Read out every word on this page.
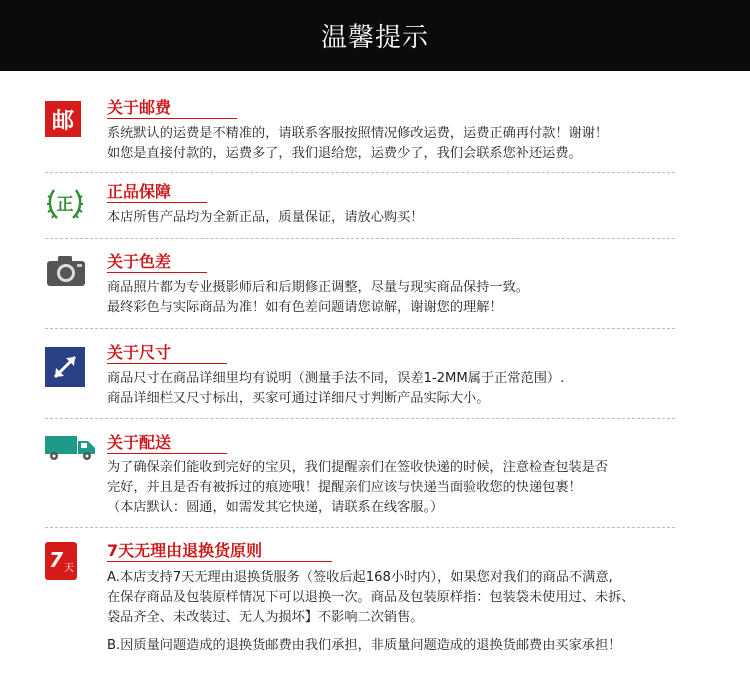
温馨提示
邮
关于邮费

系统默认的运费是不精准的，请联系客服按照情况修改运费，运费正确再付款！谢谢！

如您是直接付款的，运费多了，我们退给您，运费少了，我们会联系您补还运费。

正
正品保障

本店所售产品均为全新正品，质量保证，请放心购买！

关于色差

商品照片都为专业摄影师后和后期修正调整，尽量与现实商品保持一致。

最终彩色与实际商品为准！如有色差问题请您谅解，谢谢您的理解！

关于尺寸

商品尺寸在商品详细里均有说明（测量手法不同，误差1-2MM属于正常范围）.

商品详细栏又尺寸标出，买家可通过详细尺寸判断产品实际大小。

关于配送

为了确保亲们能收到完好的宝贝，我们提醒亲们在签收快递的时候，注意检查包装是否

完好，并且是否有被拆过的痕迹哦！提醒亲们应该与快递当面验收您的快递包裹！

（本店默认：圆通，如需发其它快递，请联系在线客服。）

7 天
7天无理由退换货原则

A.本店支持7天无理由退换货服务（签收后起168小时内），如果您对我们的商品不满意,

在保存商品及包装原样情况下可以退换一次。商品及包装原样指：包装袋未使用过、未拆、

袋品齐全、未改装过、无人为损坏】不影响二次销售。

B.因质量问题造成的退换货邮费由我们承担，非质量问题造成的退换货邮费由买家承担！
